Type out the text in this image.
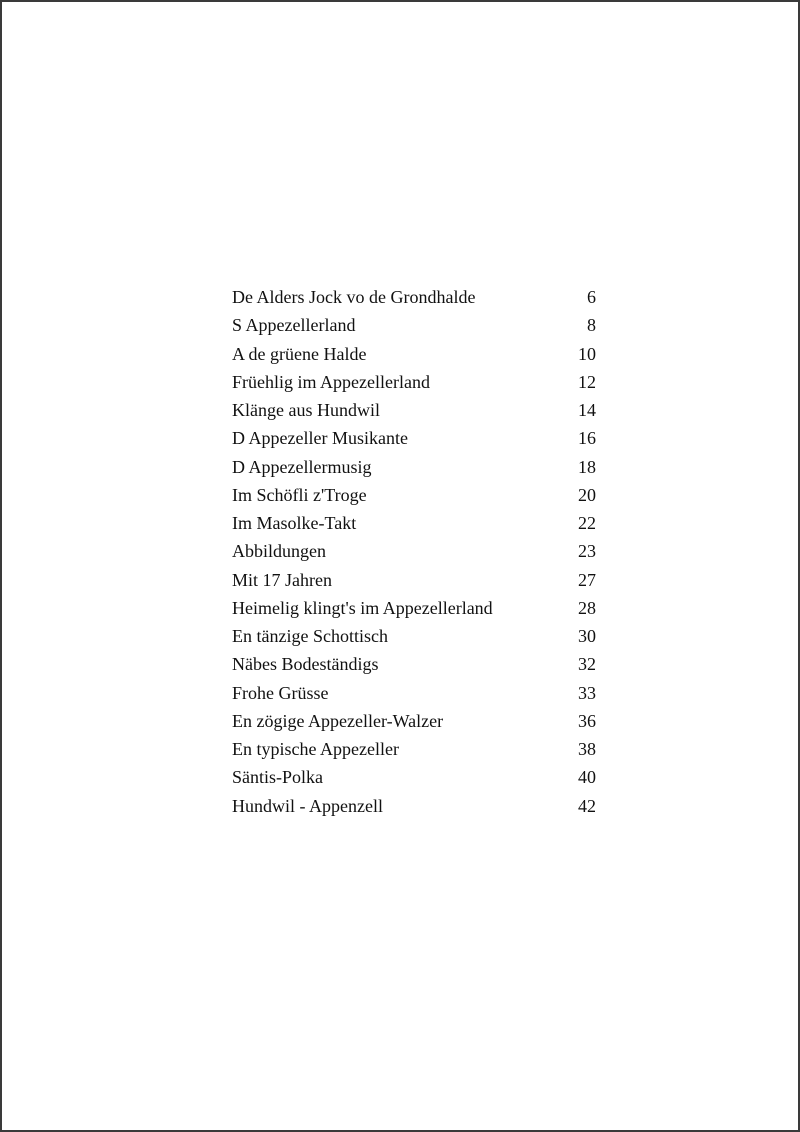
De Alders Jock vo de Grondhalde	6
S Appezellerland	8
A de grüene Halde	10
Früehlig im Appezellerland	12
Klänge aus Hundwil	14
D Appezeller Musikante	16
D Appezellermusig	18
Im Schöfli z'Troge	20
Im Masolke-Takt	22
Abbildungen	23
Mit 17 Jahren	27
Heimelig klingt's im Appezellerland	28
En tänzige Schottisch	30
Näbes Bodeständigs	32
Frohe Grüsse	33
En zögige Appezeller-Walzer	36
En typische Appezeller	38
Säntis-Polka	40
Hundwil - Appenzell	42
